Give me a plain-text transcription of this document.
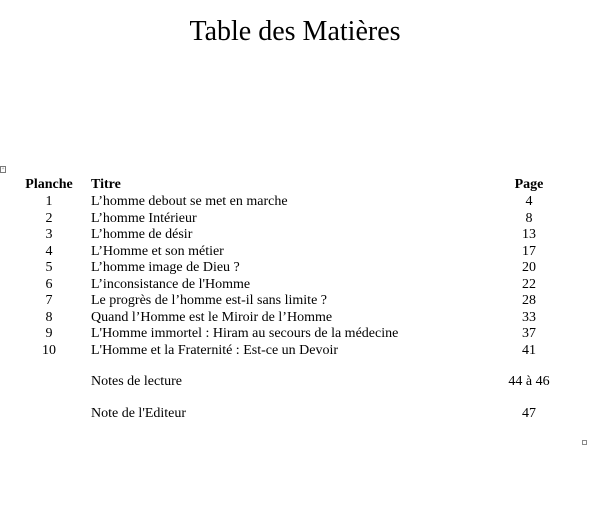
Table des Matières
+
Planche	Titre	Page
1	L’homme debout se met en marche	4
2	L’homme Intérieur	8
3	L’homme de désir	13
4	L’Homme et son métier	17
5	L’homme image de Dieu ?	20
6	L’inconsistance de l'Homme	22
7	Le progrès de l’homme est-il sans limite ?	28
8	Quand l’Homme est le Miroir de l’Homme	33
9	L'Homme immortel : Hiram au secours de la médecine	37
10	L'Homme et la Fraternité : Est-ce un Devoir	41
Notes de lecture	44 à 46
Note de l'Editeur	47
